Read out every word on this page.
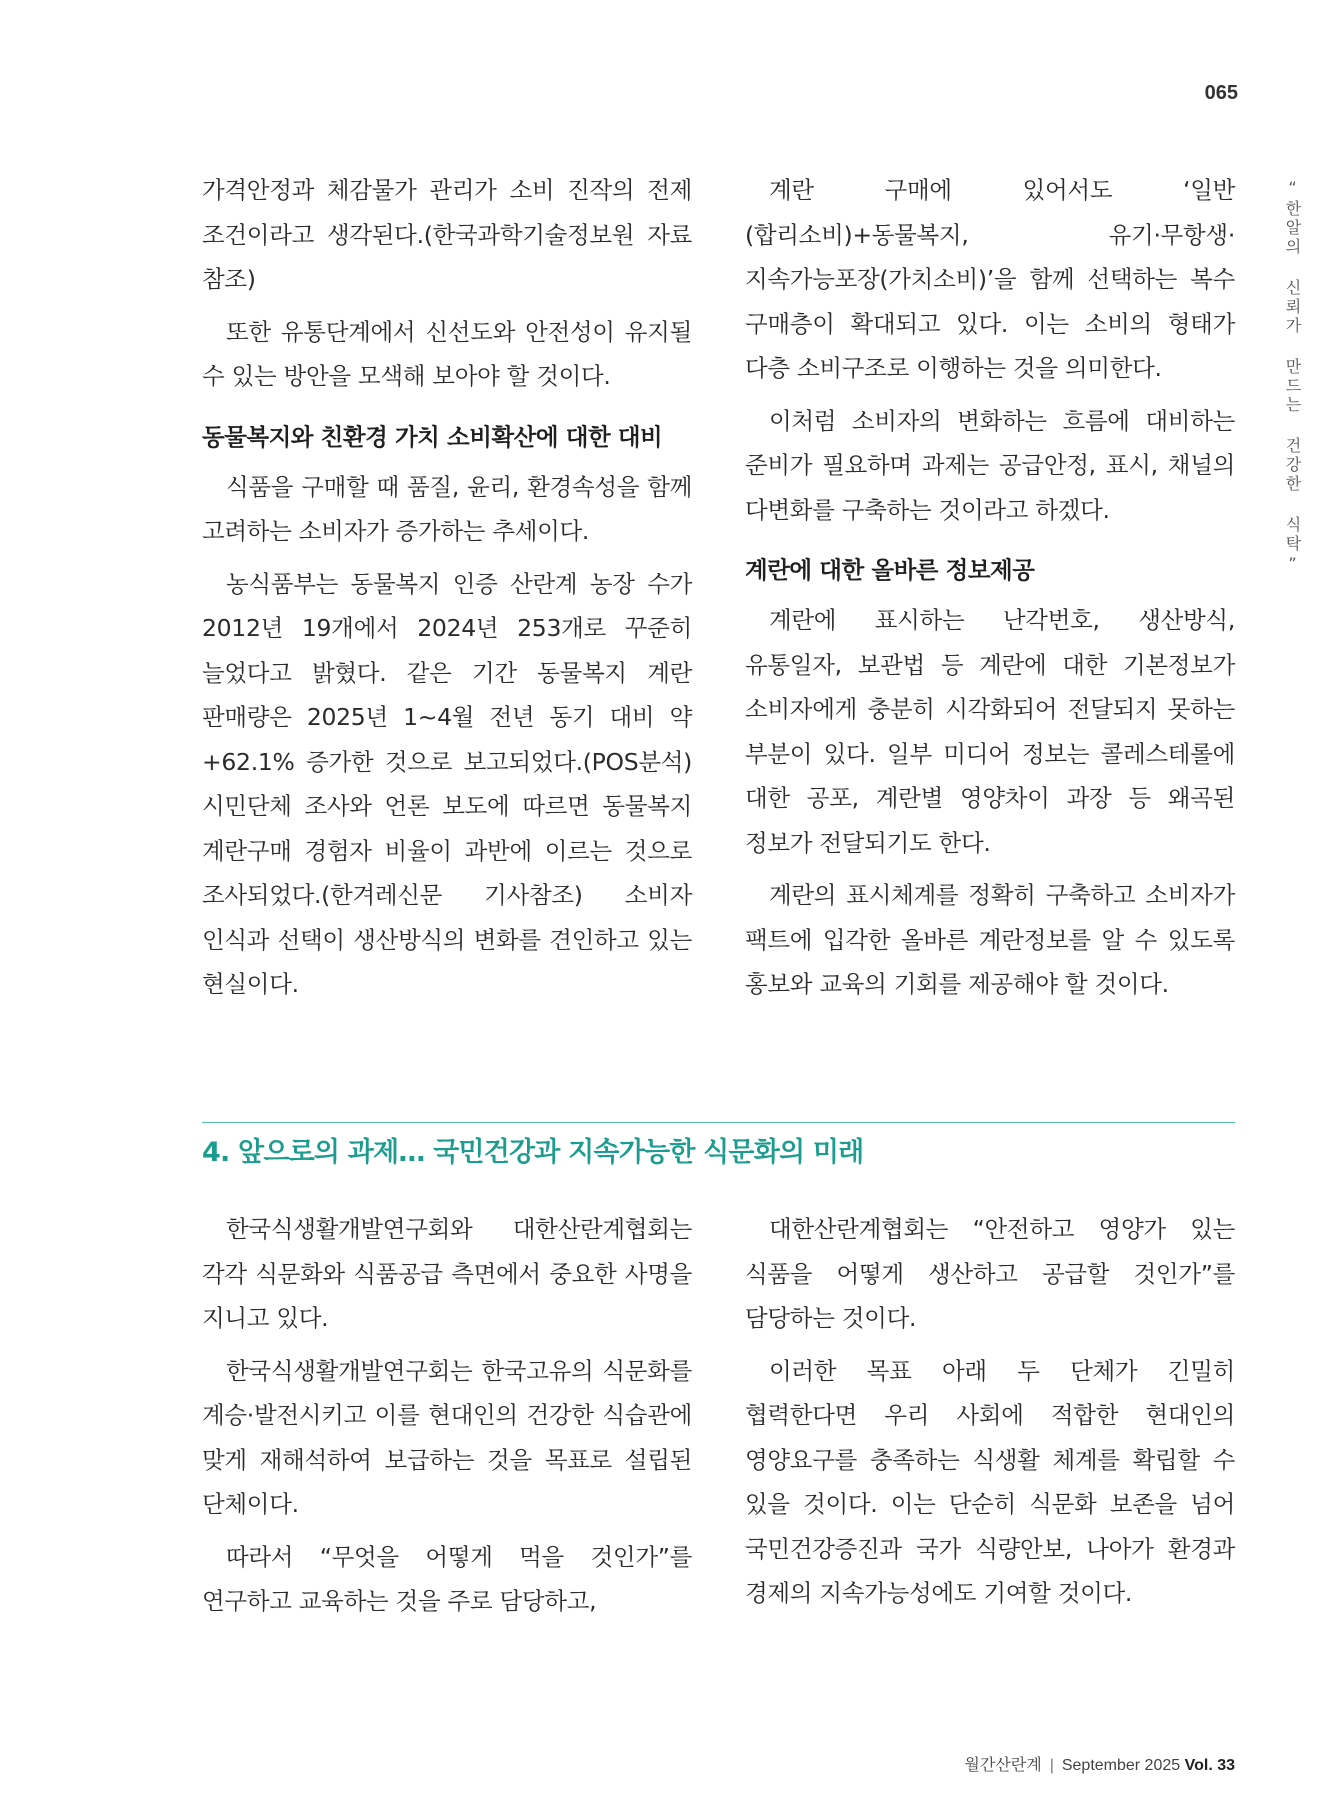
065
“한알의 신뢰가 만드는 건강한 식탁”

가격안정과 체감물가 관리가 소비 진작의 전제 조건이라고 생각된다.(한국과학기술정보원 자료 참조)

또한 유통단계에서 신선도와 안전성이 유지될 수 있는 방안을 모색해 보아야 할 것이다.

동물복지와 친환경 가치 소비확산에 대한 대비

식품을 구매할 때 품질, 윤리, 환경속성을 함께 고려하는 소비자가 증가하는 추세이다.

농식품부는 동물복지 인증 산란계 농장 수가 2012년 19개에서 2024년 253개로 꾸준히 늘었다고 밝혔다. 같은 기간 동물복지 계란 판매량은 2025년 1~4월 전년 동기 대비 약+62.1% 증가한 것으로 보고되었다.(POS분석) 시민단체 조사와 언론 보도에 따르면 동물복지 계란구매 경험자 비율이 과반에 이르는 것으로 조사되었다.(한겨레신문 기사참조) 소비자 인식과 선택이 생산방식의 변화를 견인하고 있는 현실이다.

계란 구매에 있어서도 ‘일반(합리소비)+동물복지, 유기·무항생·지속가능포장(가치소비)’을 함께 선택하는 복수 구매층이 확대되고 있다. 이는 소비의 형태가 다층 소비구조로 이행하는 것을 의미한다.

이처럼 소비자의 변화하는 흐름에 대비하는 준비가 필요하며 과제는 공급안정, 표시, 채널의 다변화를 구축하는 것이라고 하겠다.

계란에 대한 올바른 정보제공

계란에 표시하는 난각번호, 생산방식, 유통일자, 보관법 등 계란에 대한 기본정보가 소비자에게 충분히 시각화되어 전달되지 못하는 부분이 있다. 일부 미디어 정보는 콜레스테롤에 대한 공포, 계란별 영양차이 과장 등 왜곡된 정보가 전달되기도 한다.

계란의 표시체계를 정확히 구축하고 소비자가 팩트에 입각한 올바른 계란정보를 알 수 있도록 홍보와 교육의 기회를 제공해야 할 것이다.

4. 앞으로의 과제… 국민건강과 지속가능한 식문화의 미래

한국식생활개발연구회와 대한산란계협회는 각각 식문화와 식품공급 측면에서 중요한 사명을 지니고 있다.

한국식생활개발연구회는 한국고유의 식문화를 계승·발전시키고 이를 현대인의 건강한 식습관에 맞게 재해석하여 보급하는 것을 목표로 설립된 단체이다.

따라서 “무엇을 어떻게 먹을 것인가”를 연구하고 교육하는 것을 주로 담당하고,

대한산란계협회는 “안전하고 영양가 있는 식품을 어떻게 생산하고 공급할 것인가”를 담당하는 것이다.

이러한 목표 아래 두 단체가 긴밀히 협력한다면 우리 사회에 적합한 현대인의 영양요구를 충족하는 식생활 체계를 확립할 수 있을 것이다. 이는 단순히 식문화 보존을 넘어 국민건강증진과 국가 식량안보, 나아가 환경과 경제의 지속가능성에도 기여할 것이다.

월간산란계 | September 2025 Vol. 33
